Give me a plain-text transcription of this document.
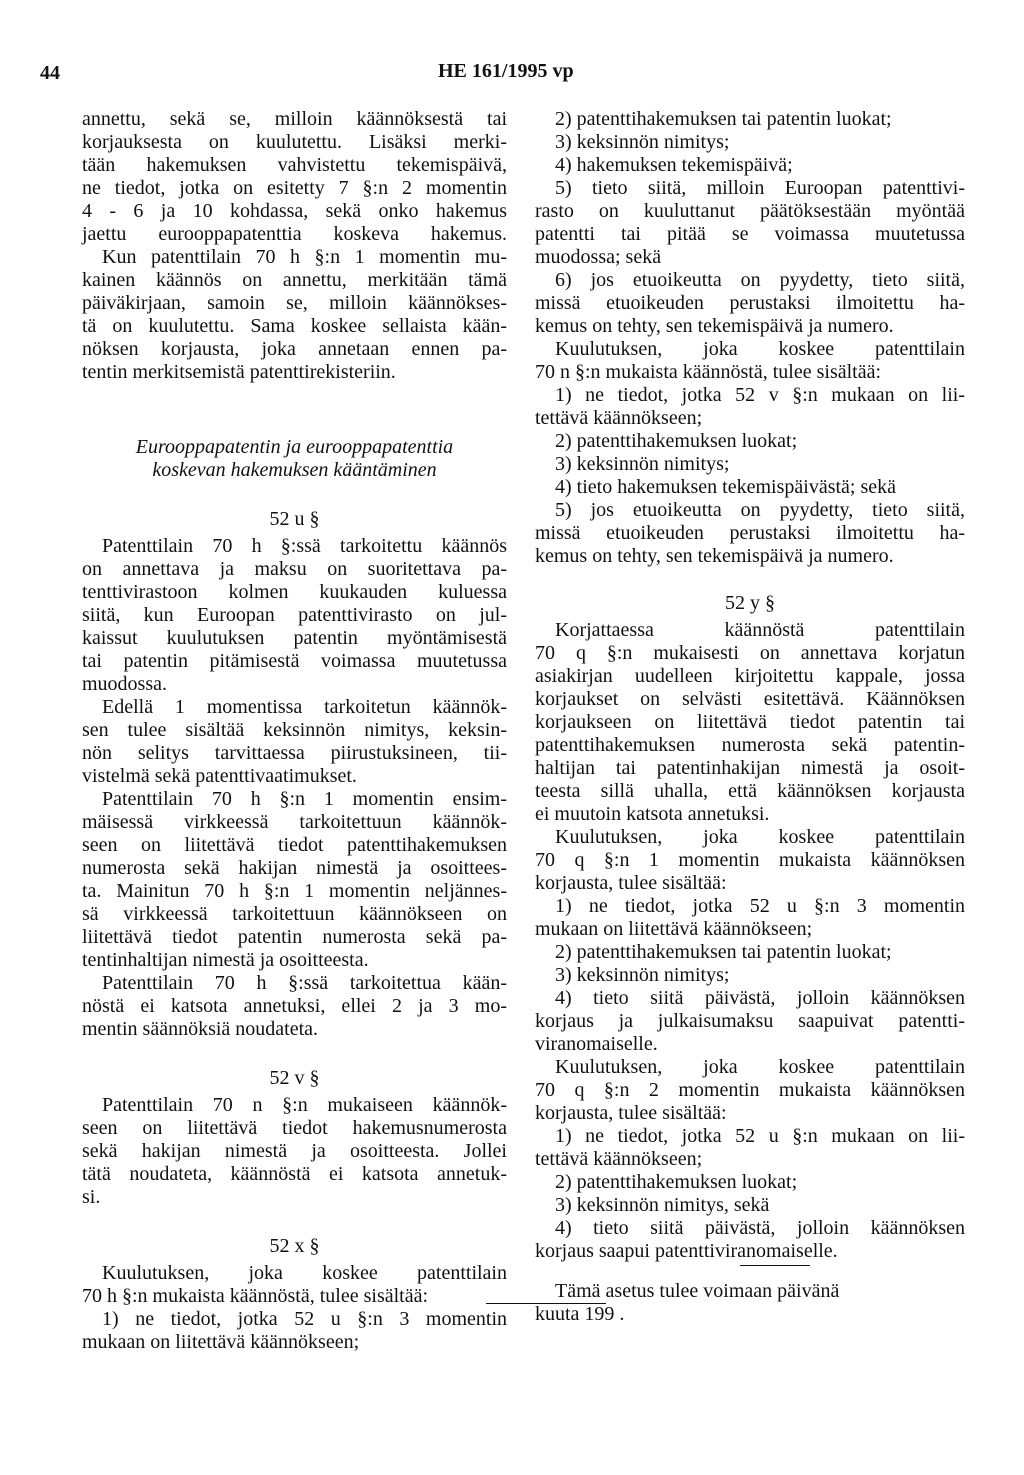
44	HE 161/1995 vp
annettu, sekä se, milloin käännöksestä tai
korjauksesta on kuulutettu. Lisäksi merki-
tään hakemuksen vahvistettu tekemispäivä,
ne tiedot, jotka on esitetty 7 §:n 2 momentin
4 - 6 ja 10 kohdassa, sekä onko hakemus
jaettu eurooppapatenttia koskeva hakemus.
Kun patenttilain 70 h §:n 1 momentin mu-
kainen käännös on annettu, merkitään tämä
päiväkirjaan, samoin se, milloin käännökses-
tä on kuulutettu. Sama koskee sellaista kään-
nöksen korjausta, joka annetaan ennen pa-
tentin merkitsemistä patenttirekisteriin.
Eurooppapatentin ja eurooppapatenttia
koskevan hakemuksen kääntäminen
52 u §
Patenttilain 70 h §:ssä tarkoitettu käännös
on annettava ja maksu on suoritettava pa-
tenttivirastoon kolmen kuukauden kuluessa
siitä, kun Euroopan patenttivirasto on jul-
kaissut kuulutuksen patentin myöntämisestä
tai patentin pitämisestä voimassa muutetussa
muodossa.
Edellä 1 momentissa tarkoitetun käännök-
sen tulee sisältää keksinnön nimitys, keksin-
nön selitys tarvittaessa piirustuksineen, tii-
vistelmä sekä patenttivaatimukset.
Patenttilain 70 h §:n 1 momentin ensim-
mäisessä virkkeessä tarkoitettuun käännök-
seen on liitettävä tiedot patenttihakemuksen
numerosta sekä hakijan nimestä ja osoittees-
ta. Mainitun 70 h §:n 1 momentin neljännes-
sä virkkeessä tarkoitettuun käännökseen on
liitettävä tiedot patentin numerosta sekä pa-
tentinhaltijan nimestä ja osoitteesta.
Patenttilain 70 h §:ssä tarkoitettua kään-
nöstä ei katsota annetuksi, ellei 2 ja 3 mo-
mentin säännöksiä noudateta.
52 v §
Patenttilain 70 n §:n mukaiseen käännök-
seen on liitettävä tiedot hakemusnumerosta
sekä hakijan nimestä ja osoitteesta. Jollei
tätä noudateta, käännöstä ei katsota annetuk-
si.
52 x §
Kuulutuksen, joka koskee patenttilain
70 h §:n mukaista käännöstä, tulee sisältää:
1) ne tiedot, jotka 52 u §:n 3 momentin
mukaan on liitettävä käännökseen;
2) patenttihakemuksen tai patentin luokat;
3) keksinnön nimitys;
4) hakemuksen tekemispäivä;
5) tieto siitä, milloin Euroopan patenttivi-
rasto on kuuluttanut päätöksestään myöntää
patentti tai pitää se voimassa muutetussa
muodossa; sekä
6) jos etuoikeutta on pyydetty, tieto siitä,
missä etuoikeuden perustaksi ilmoitettu ha-
kemus on tehty, sen tekemispäivä ja numero.
Kuulutuksen, joka koskee patenttilain
70 n §:n mukaista käännöstä, tulee sisältää:
1) ne tiedot, jotka 52 v §:n mukaan on lii-
tettävä käännökseen;
2) patenttihakemuksen luokat;
3) keksinnön nimitys;
4) tieto hakemuksen tekemispäivästä; sekä
5) jos etuoikeutta on pyydetty, tieto siitä,
missä etuoikeuden perustaksi ilmoitettu ha-
kemus on tehty, sen tekemispäivä ja numero.
52 y §
Korjattaessa käännöstä patenttilain
70 q §:n mukaisesti on annettava korjatun
asiakirjan uudelleen kirjoitettu kappale, jossa
korjaukset on selvästi esitettävä. Käännöksen
korjaukseen on liitettävä tiedot patentin tai
patenttihakemuksen numerosta sekä patentin-
haltijan tai patentinhakijan nimestä ja osoit-
teesta sillä uhalla, että käännöksen korjausta
ei muutoin katsota annetuksi.
Kuulutuksen, joka koskee patenttilain
70 q §:n 1 momentin mukaista käännöksen
korjausta, tulee sisältää:
1) ne tiedot, jotka 52 u §:n 3 momentin
mukaan on liitettävä käännökseen;
2) patenttihakemuksen tai patentin luokat;
3) keksinnön nimitys;
4) tieto siitä päivästä, jolloin käännöksen
korjaus ja julkaisumaksu saapuivat patentti-
viranomaiselle.
Kuulutuksen, joka koskee patenttilain
70 q §:n 2 momentin mukaista käännöksen
korjausta, tulee sisältää:
1) ne tiedot, jotka 52 u §:n mukaan on lii-
tettävä käännökseen;
2) patenttihakemuksen luokat;
3) keksinnön nimitys, sekä
4) tieto siitä päivästä, jolloin käännöksen
korjaus saapui patenttiviranomaiselle.
Tämä asetus tulee voimaan päivänä
kuuta 199 .
